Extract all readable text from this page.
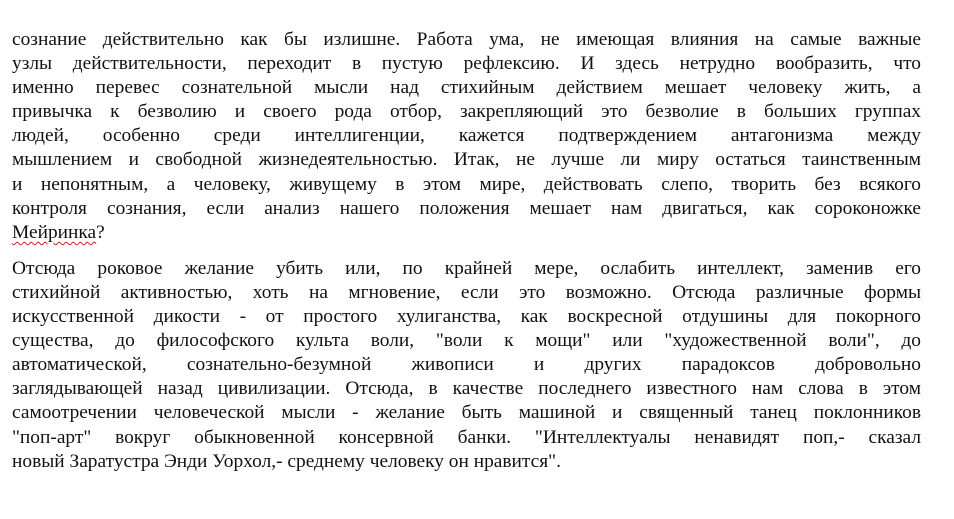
сознание действительно как бы излишне. Работа ума, не имеющая влияния на самые важные
узлы действительности, переходит в пустую рефлексию. И здесь нетрудно вообразить, что
именно перевес сознательной мысли над стихийным действием мешает человеку жить, а
привычка к безволию и своего рода отбор, закрепляющий это безволие в больших группах
людей, особенно среди интеллигенции, кажется подтверждением антагонизма между
мышлением и свободной жизнедеятельностью. Итак, не лучше ли миру остаться таинственным
и непонятным, а человеку, живущему в этом мире, действовать слепо, творить без всякого
контроля сознания, если анализ нашего положения мешает нам двигаться, как сороконожке
Мейринка?
Отсюда роковое желание убить или, по крайней мере, ослабить интеллект, заменив его
стихийной активностью, хоть на мгновение, если это возможно. Отсюда различные формы
искусственной дикости - от простого хулиганства, как воскресной отдушины для покорного
существа, до философского культа воли, "воли к мощи" или "художественной воли", до
автоматической, сознательно-безумной живописи и других парадоксов добровольно
заглядывающей назад цивилизации. Отсюда, в качестве последнего известного нам слова в этом
самоотречении человеческой мысли - желание быть машиной и священный танец поклонников
"поп-арт" вокруг обыкновенной консервной банки. "Интеллектуалы ненавидят поп,- сказал
новый Заратустра Энди Уорхол,- среднему человеку он нравится".
